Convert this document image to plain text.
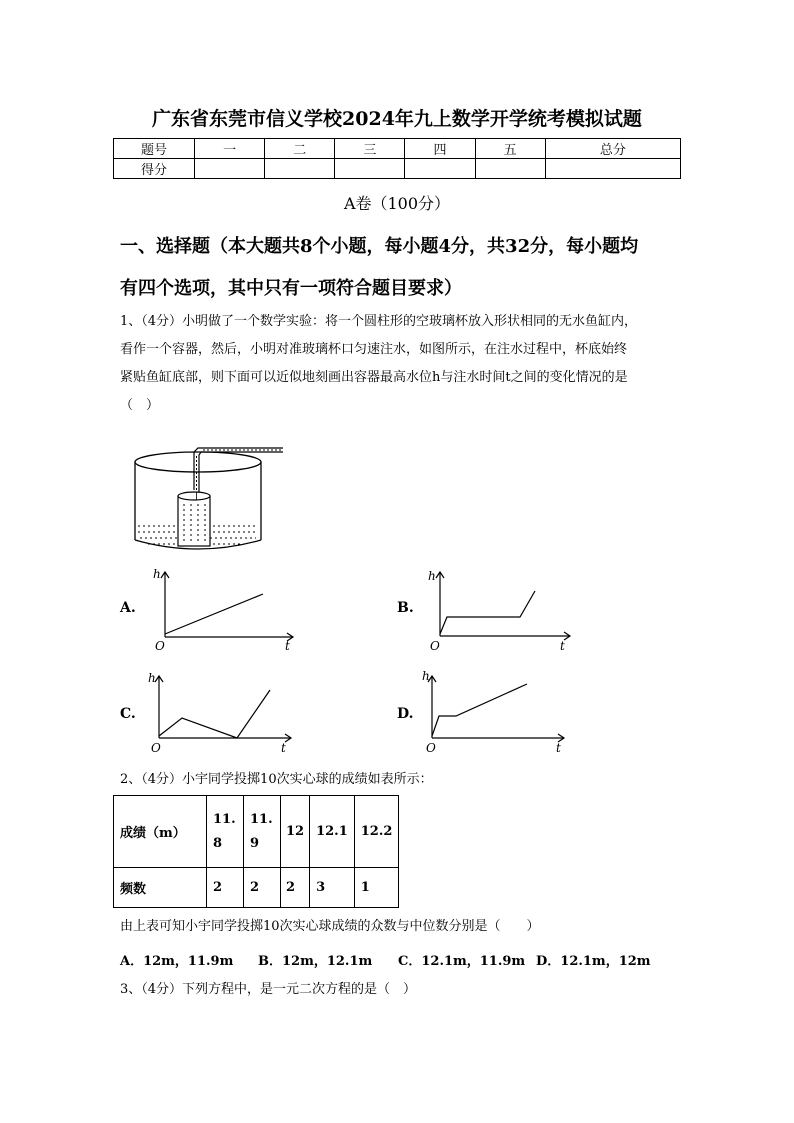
广东省东莞市信义学校2024年九上数学开学统考模拟试题
题号	一	二	三	四	五	总分
得分						
A卷（100分）
一、选择题（本大题共8个小题，每小题4分，共32分，每小题均
有四个选项，其中只有一项符合题目要求）
1、（4分）小明做了一个数学实验：将一个圆柱形的空玻璃杯放入形状相同的无水鱼缸内，
看作一个容器，然后，小明对准玻璃杯口匀速注水，如图所示，在注水过程中，杯底始终
紧贴鱼缸底部，则下面可以近似地刻画出容器最高水位h与注水时间t之间的变化情况的是
（　）
A.
h
O	t
B.
h
O	t
C.
h
O	t
D.
h
O	t
2、（4分）小宇同学投掷10次实心球的成绩如表所示：
成绩（m）	11.
8	11.
9	12	12.1	12.2
频数	2	2	2	3	1
由上表可知小宇同学投掷10次实心球成绩的众数与中位数分别是（　　）
A．12m，11.9m B．12m，12.1m C．12.1m，11.9m D．12.1m，12m
3、（4分）下列方程中，是一元二次方程的是（　）
